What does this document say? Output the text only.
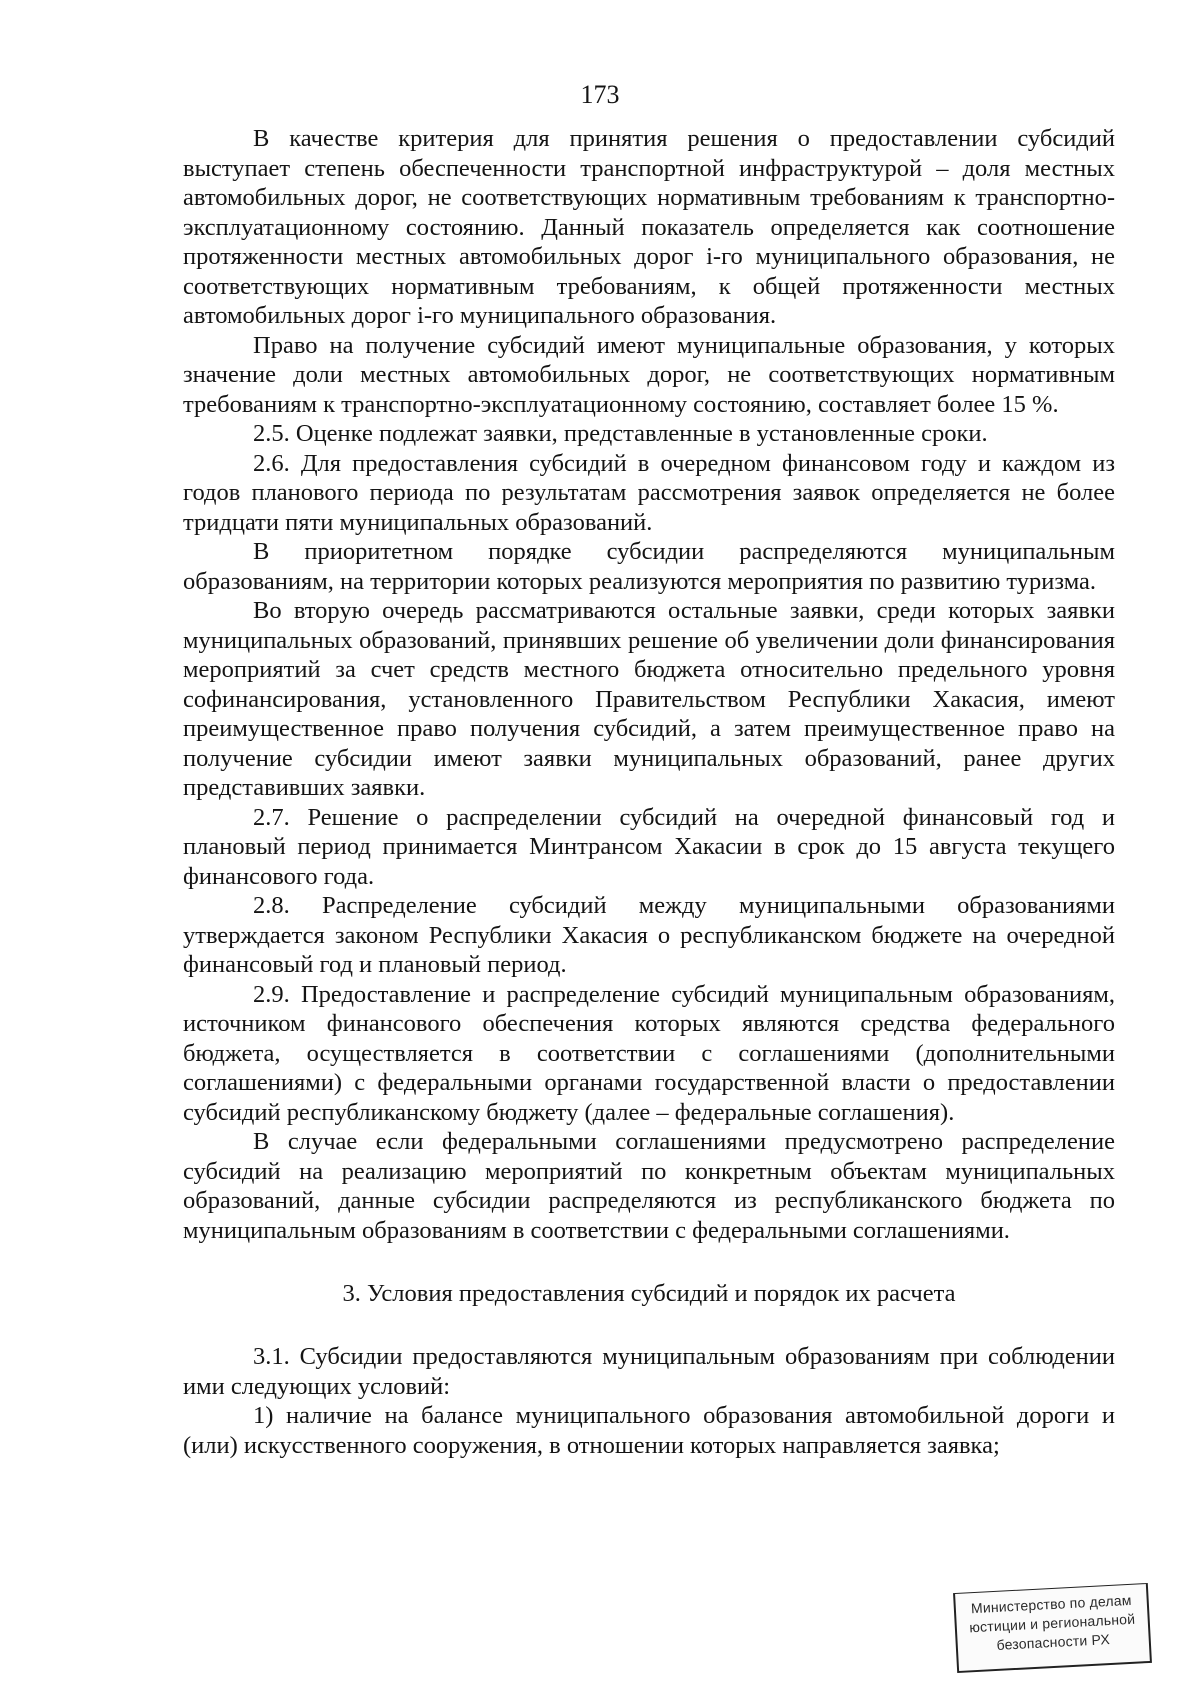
173

В качестве критерия для принятия решения о предоставлении субсидий выступает степень обеспеченности транспортной инфраструктурой – доля местных автомобильных дорог, не соответствующих нормативным требованиям к транспортно-эксплуатационному состоянию. Данный показатель определяется как соотношение протяженности местных автомобильных дорог i-го муниципального образования, не соответствующих нормативным требованиям, к общей протяженности местных автомобильных дорог i-го муниципального образования.

Право на получение субсидий имеют муниципальные образования, у которых значение доли местных автомобильных дорог, не соответствующих нормативным требованиям к транспортно-эксплуатационному состоянию, составляет более 15 %.

2.5. Оценке подлежат заявки, представленные в установленные сроки.

2.6. Для предоставления субсидий в очередном финансовом году и каждом из годов планового периода по результатам рассмотрения заявок определяется не более тридцати пяти муниципальных образований.

В приоритетном порядке субсидии распределяются муниципальным образованиям, на территории которых реализуются мероприятия по развитию туризма.

Во вторую очередь рассматриваются остальные заявки, среди которых заявки муниципальных образований, принявших решение об увеличении доли финансирования мероприятий за счет средств местного бюджета относительно предельного уровня софинансирования, установленного Правительством Республики Хакасия, имеют преимущественное право получения субсидий, а затем преимущественное право на получение субсидии имеют заявки муниципальных образований, ранее других представивших заявки.

2.7. Решение о распределении субсидий на очередной финансовый год и плановый период принимается Минтрансом Хакасии в срок до 15 августа текущего финансового года.

2.8. Распределение субсидий между муниципальными образованиями утверждается законом Республики Хакасия о республиканском бюджете на очередной финансовый год и плановый период.

2.9. Предоставление и распределение субсидий муниципальным образованиям, источником финансового обеспечения которых являются средства федерального бюджета, осуществляется в соответствии с соглашениями (дополнительными соглашениями) с федеральными органами государственной власти о предоставлении субсидий республиканскому бюджету (далее – федеральные соглашения).

В случае если федеральными соглашениями предусмотрено распределение субсидий на реализацию мероприятий по конкретным объектам муниципальных образований, данные субсидии распределяются из республиканского бюджета по муниципальным образованиям в соответствии с федеральными соглашениями.

3. Условия предоставления субсидий и порядок их расчета

3.1. Субсидии предоставляются муниципальным образованиям при соблюдении ими следующих условий:

1) наличие на балансе муниципального образования автомобильной дороги и (или) искусственного сооружения, в отношении которых направляется заявка;

Министерство по делам
юстиции и региональной
безопасности РХ
